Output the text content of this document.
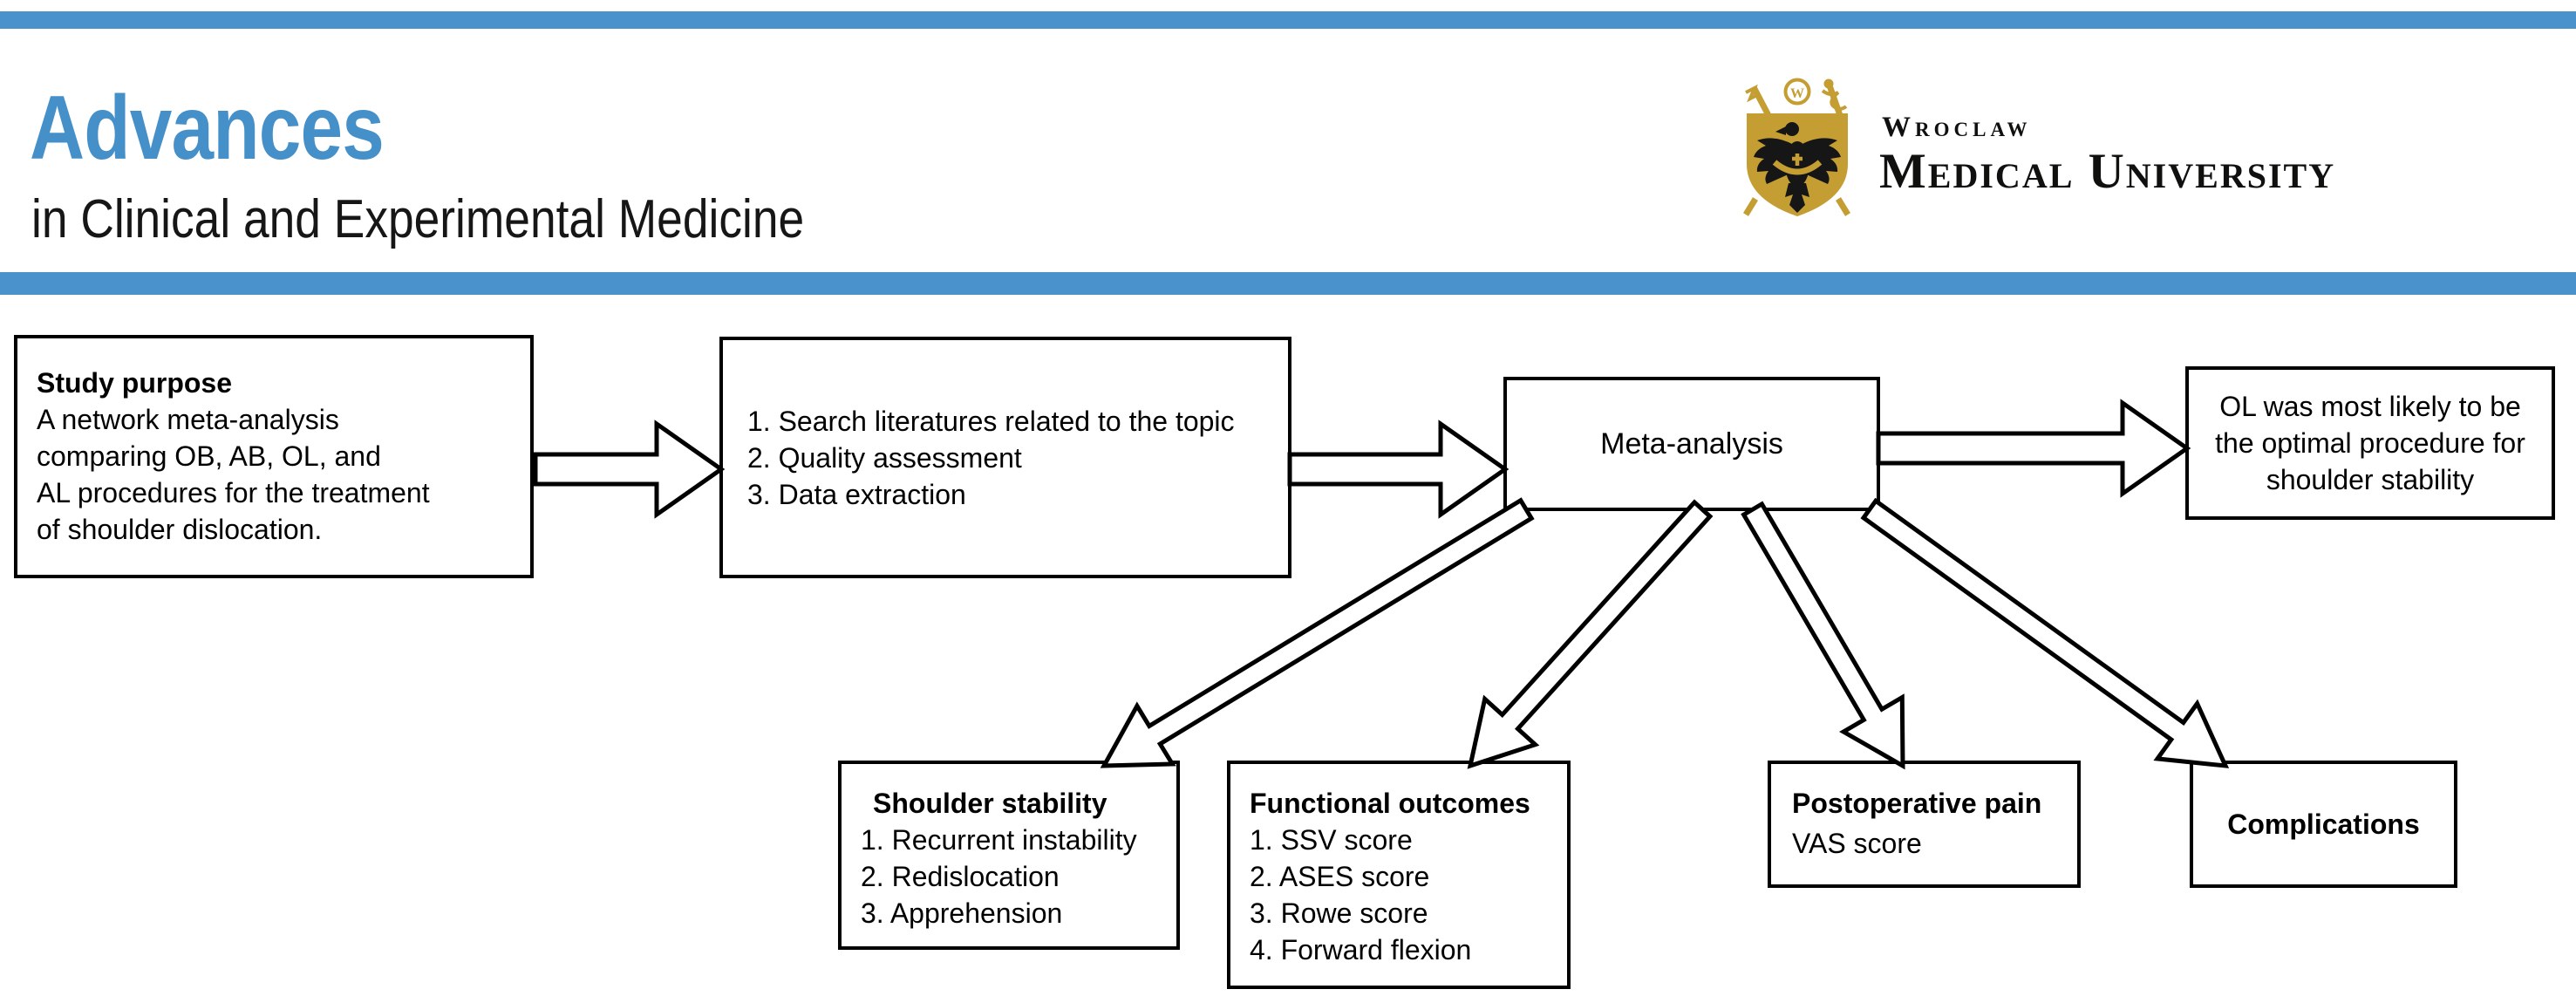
Advances
in Clinical and Experimental Medicine
W
Wroclaw
Medical University
Study purpose
A network meta-analysis
comparing OB, AB, OL, and
AL procedures for the treatment
of shoulder dislocation.
1. Search literatures related to the topic
2. Quality assessment
3. Data extraction
Meta-analysis
OL was most likely to be
the optimal procedure for
shoulder stability
Shoulder stability
1. Recurrent instability
2. Redislocation
3. Apprehension
Functional outcomes
1. SSV score
2. ASES score
3. Rowe score
4. Forward flexion
Postoperative pain
VAS score
Complications
